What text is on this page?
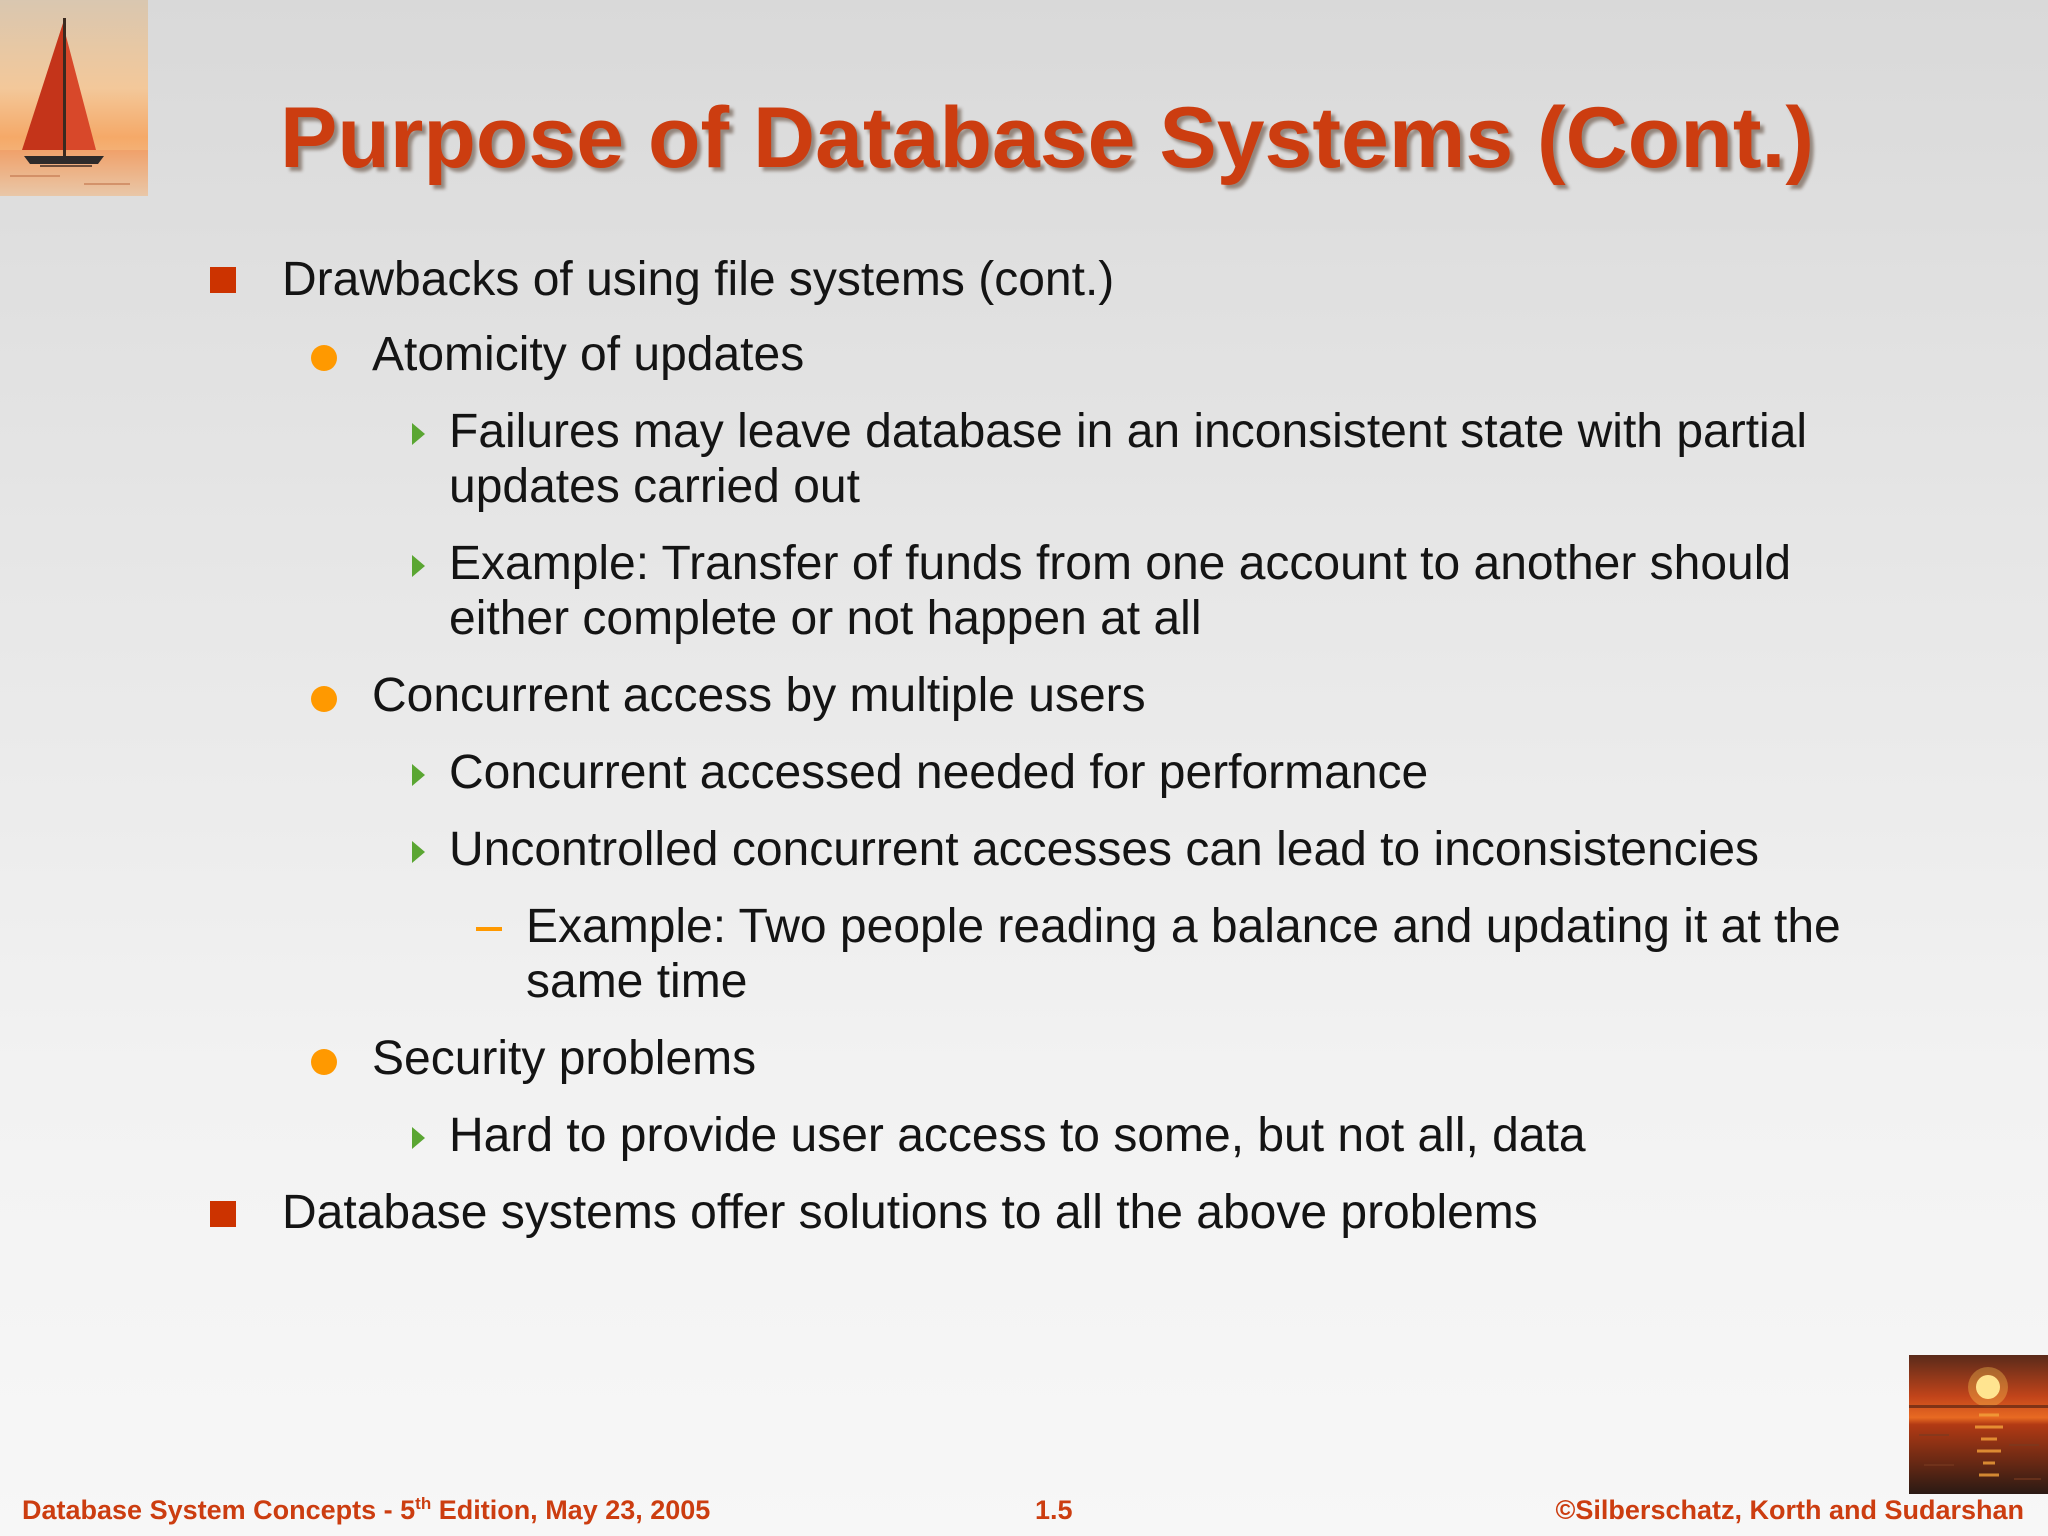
Purpose of Database Systems (Cont.)
Drawbacks of using file systems (cont.)
Atomicity of updates
Failures may leave database in an inconsistent state with partial
updates carried out
Example: Transfer of funds from one account to another should
either complete or not happen at all
Concurrent access by multiple users
Concurrent accessed needed for performance
Uncontrolled concurrent accesses can lead to inconsistencies
Example: Two people reading a balance and updating it at the
same time
Security problems
Hard to provide user access to some, but not all, data
Database systems offer solutions to all the above problems
Database System Concepts - 5th Edition, May 23, 2005	1.5	©Silberschatz, Korth and Sudarshan
